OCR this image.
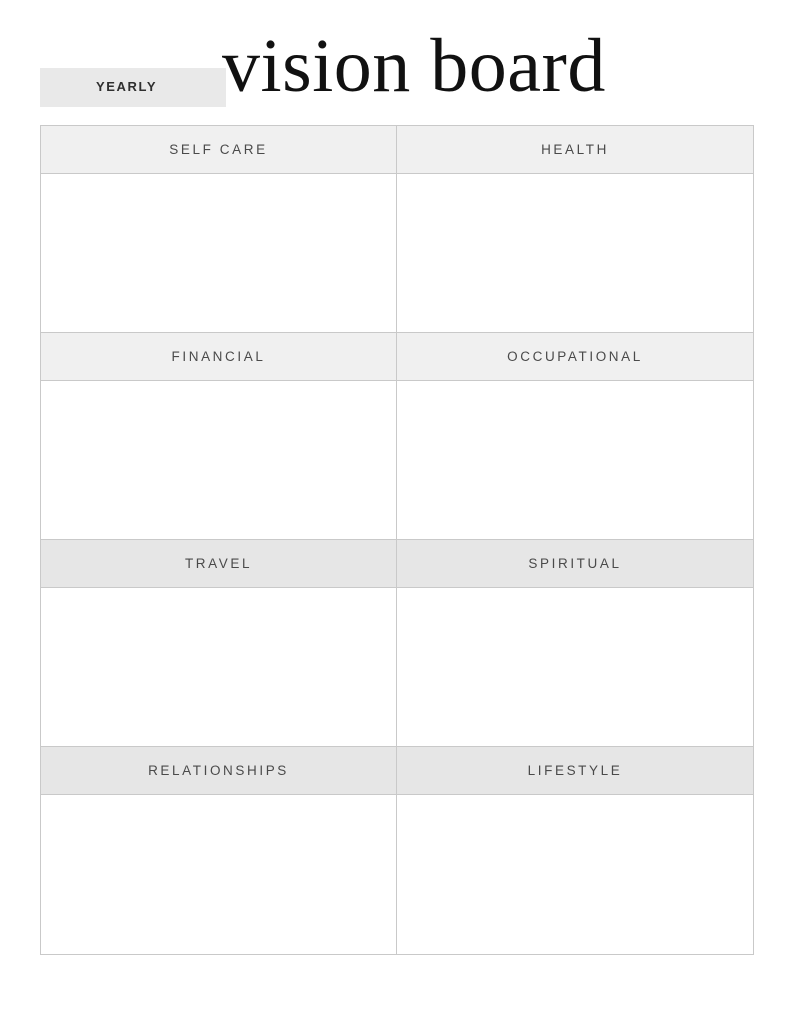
YEARLY vision board
SELF CARE	HEALTH
FINANCIAL	OCCUPATIONAL
TRAVEL	SPIRITUAL
RELATIONSHIPS	LIFESTYLE
